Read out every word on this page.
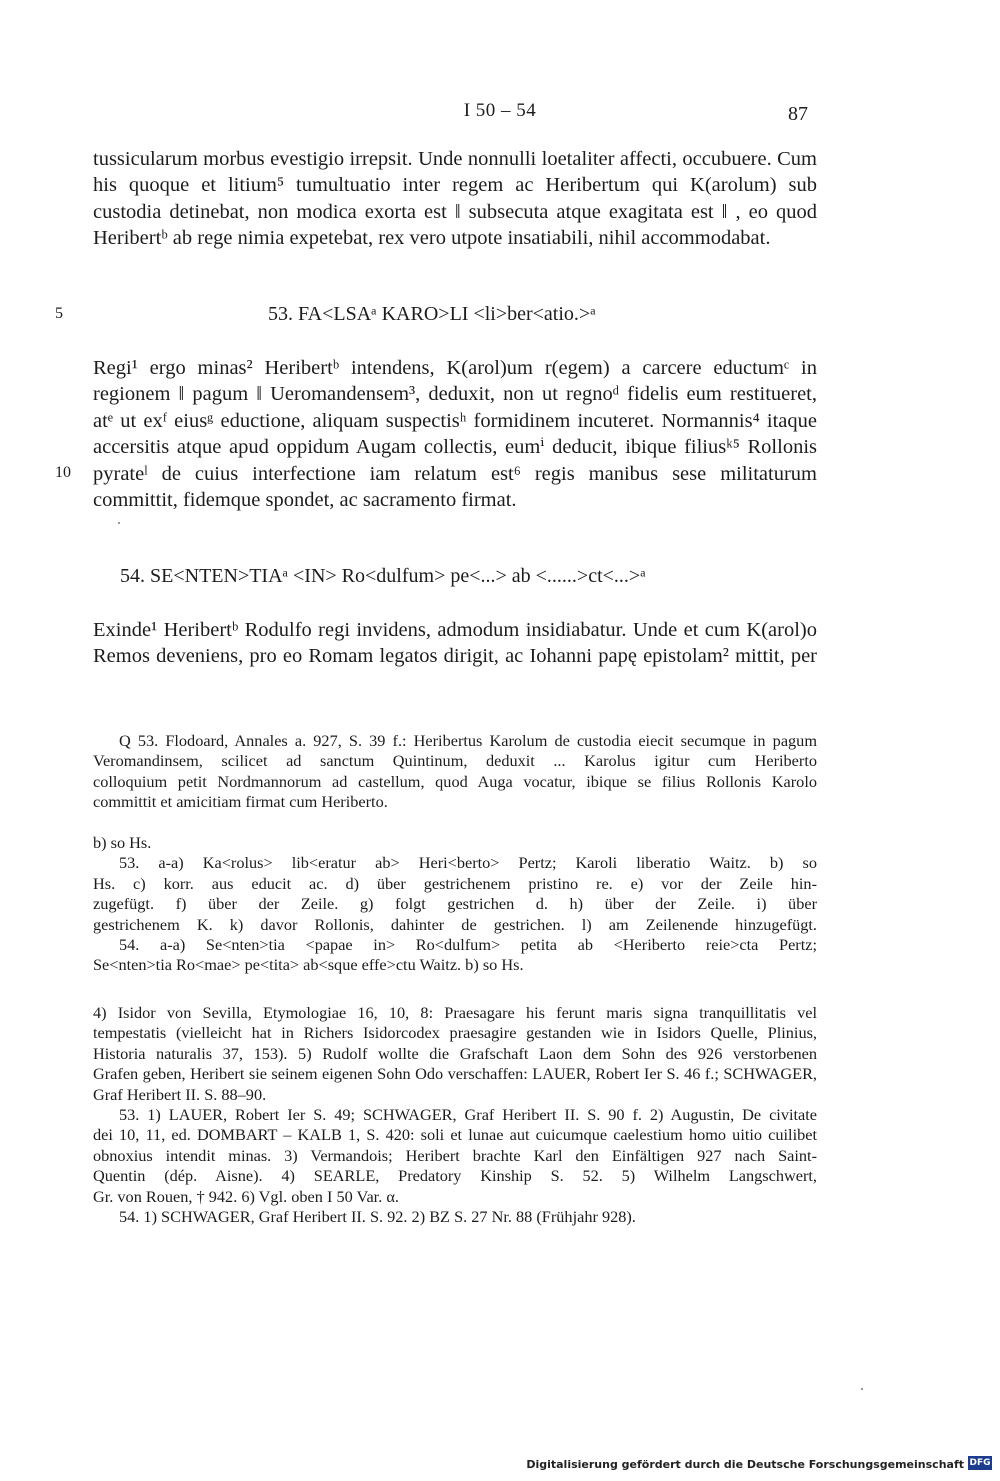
I 50 – 54	87
tussicularum morbus evestigio irrepsit. Unde nonnulli loetaliter affecti, occubuere. Cum
his quoque et litium⁵ tumultuatio inter regem ac Heribertum qui K(arolum) sub
custodia detinebat, non modica exorta est ‖ subsecuta atque exagitata est ‖ , eo quod
Heribertᵇ ab rege nimia expetebat, rex vero utpote insatiabili, nihil accommodabat.
5	53. FA<LSAᵃ KARO>LI <li>ber<atio.>ᵃ
Regi¹ ergo minas² Heribertᵇ intendens, K(arol)um r(egem) a carcere eductumᶜ in
regionem ‖ pagum ‖ Ueromandensem³, deduxit, non ut regnoᵈ fidelis eum restitueret,
atᵉ ut exᶠ eiusᵍ eductione, aliquam suspectisʰ formidinem incuteret. Normannis⁴ itaque
accersitis atque apud oppidum Augam collectis, eumⁱ deducit, ibique filiusᵏ⁵ Rollonis
pyrateˡ de cuius interfectione iam relatum est⁶ regis manibus sese militaturum
committit, fidemque spondet, ac sacramento firmat.
10
54. SE<NTEN>TIAᵃ <IN> Ro<dulfum> pe<...> ab <......>ct<...>ᵃ
Exinde¹ Heribertᵇ Rodulfo regi invidens, admodum insidiabatur. Unde et cum K(arol)o
Remos deveniens, pro eo Romam legatos dirigit, ac Iohanni papę epistolam² mittit, per
Q 53. Flodoard, Annales a. 927, S. 39 f.: Heribertus Karolum de custodia eiecit secumque in pagum
Veromandinsem, scilicet ad sanctum Quintinum, deduxit ... Karolus igitur cum Heriberto
colloquium petit Nordmannorum ad castellum, quod Auga vocatur, ibique se filius Rollonis Karolo
committit et amicitiam firmat cum Heriberto.
b) so Hs.
53. a-a) Ka<rolus> lib<eratur ab> Heri<berto> Pertz; Karoli liberatio Waitz. b) so
Hs. c) korr. aus educit ac. d) über gestrichenem pristino re. e) vor der Zeile hin-
zugefügt. f) über der Zeile. g) folgt gestrichen d. h) über der Zeile. i) über
gestrichenem K. k) davor Rollonis, dahinter de gestrichen. l) am Zeilenende hinzugefügt.
54. a-a) Se<nten>tia <papae in> Ro<dulfum> petita ab <Heriberto reie>cta Pertz;
Se<nten>tia Ro<mae> pe<tita> ab<sque effe>ctu Waitz. b) so Hs.
4) Isidor von Sevilla, Etymologiae 16, 10, 8: Praesagare his ferunt maris signa tranquillitatis vel
tempestatis (vielleicht hat in Richers Isidorcodex praesagire gestanden wie in Isidors Quelle, Plinius,
Historia naturalis 37, 153). 5) Rudolf wollte die Grafschaft Laon dem Sohn des 926 verstorbenen
Grafen geben, Heribert sie seinem eigenen Sohn Odo verschaffen: LAUER, Robert Ier S. 46 f.; SCHWAGER,
Graf Heribert II. S. 88–90.
53. 1) LAUER, Robert Ier S. 49; SCHWAGER, Graf Heribert II. S. 90 f. 2) Augustin, De civitate
dei 10, 11, ed. DOMBART – KALB 1, S. 420: soli et lunae aut cuicumque caelestium homo uitio cuilibet
obnoxius intendit minas. 3) Vermandois; Heribert brachte Karl den Einfältigen 927 nach Saint-
Quentin (dép. Aisne). 4) SEARLE, Predatory Kinship S. 52. 5) Wilhelm Langschwert,
Gr. von Rouen, † 942. 6) Vgl. oben I 50 Var. α.
54. 1) SCHWAGER, Graf Heribert II. S. 92. 2) BZ S. 27 Nr. 88 (Frühjahr 928).
Digitalisierung gefördert durch die Deutsche Forschungsgemeinschaft DFG
